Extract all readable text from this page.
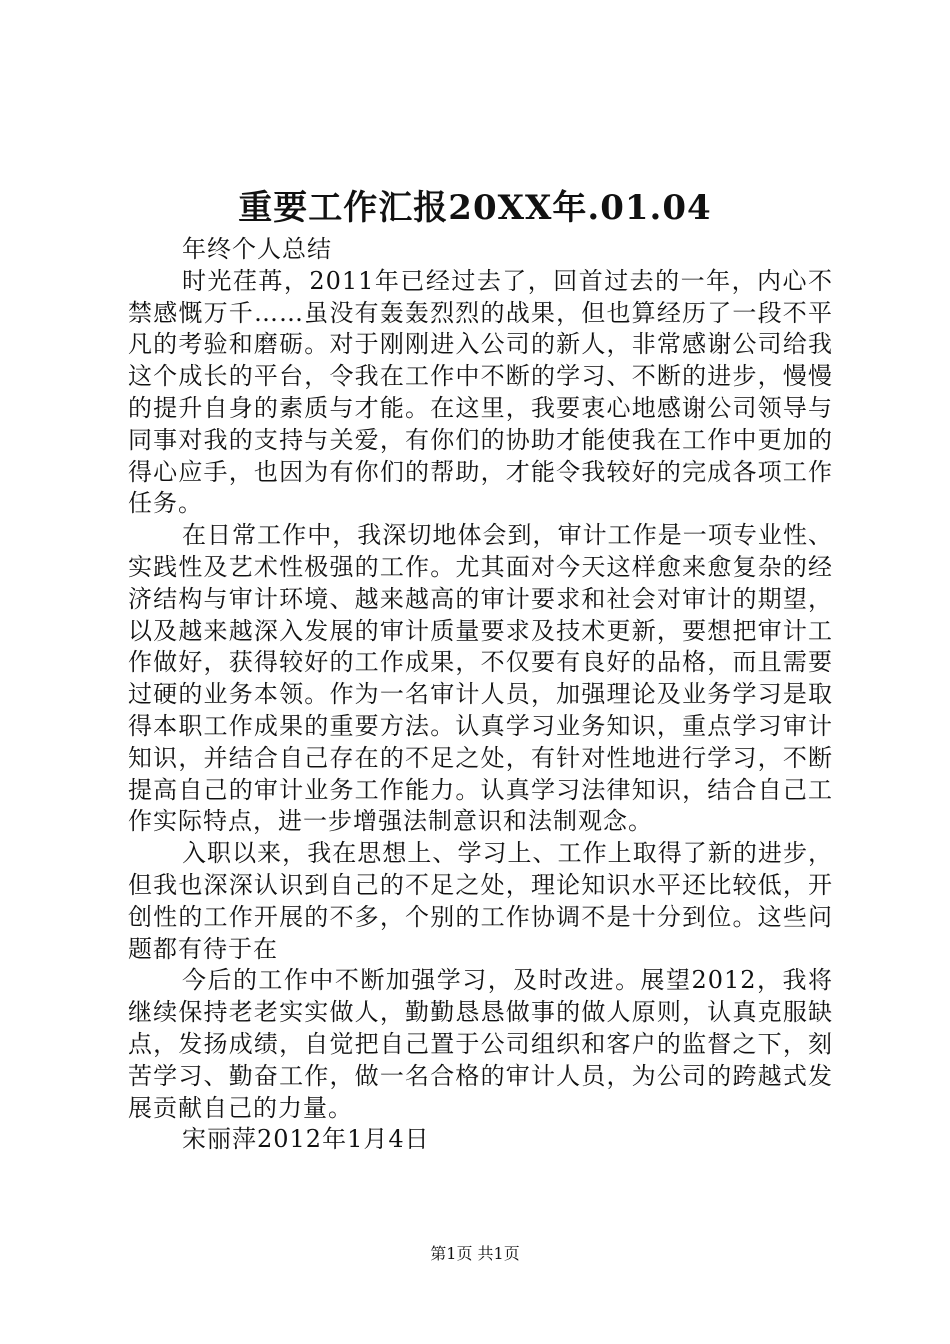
重要工作汇报20XX年.01.04

年终个人总结

时光荏苒，2011年已经过去了，回首过去的一年，内心不禁感慨万千……虽没有轰轰烈烈的战果，但也算经历了一段不平凡的考验和磨砺。对于刚刚进入公司的新人，非常感谢公司给我这个成长的平台，令我在工作中不断的学习、不断的进步，慢慢的提升自身的素质与才能。在这里，我要衷心地感谢公司领导与同事对我的支持与关爱，有你们的协助才能使我在工作中更加的得心应手，也因为有你们的帮助，才能令我较好的完成各项工作任务。

在日常工作中，我深切地体会到，审计工作是一项专业性、实践性及艺术性极强的工作。尤其面对今天这样愈来愈复杂的经济结构与审计环境、越来越高的审计要求和社会对审计的期望，以及越来越深入发展的审计质量要求及技术更新，要想把审计工作做好，获得较好的工作成果，不仅要有良好的品格，而且需要过硬的业务本领。作为一名审计人员，加强理论及业务学习是取得本职工作成果的重要方法。认真学习业务知识，重点学习审计知识，并结合自己存在的不足之处，有针对性地进行学习，不断提高自己的审计业务工作能力。认真学习法律知识，结合自己工作实际特点，进一步增强法制意识和法制观念。

入职以来，我在思想上、学习上、工作上取得了新的进步，但我也深深认识到自己的不足之处，理论知识水平还比较低，开创性的工作开展的不多，个别的工作协调不是十分到位。这些问题都有待于在

今后的工作中不断加强学习，及时改进。展望2012，我将继续保持老老实实做人，勤勤恳恳做事的做人原则，认真克服缺点，发扬成绩，自觉把自己置于公司组织和客户的监督之下，刻苦学习、勤奋工作，做一名合格的审计人员，为公司的跨越式发展贡献自己的力量。

宋丽萍2012年1月4日

第1页 共1页
